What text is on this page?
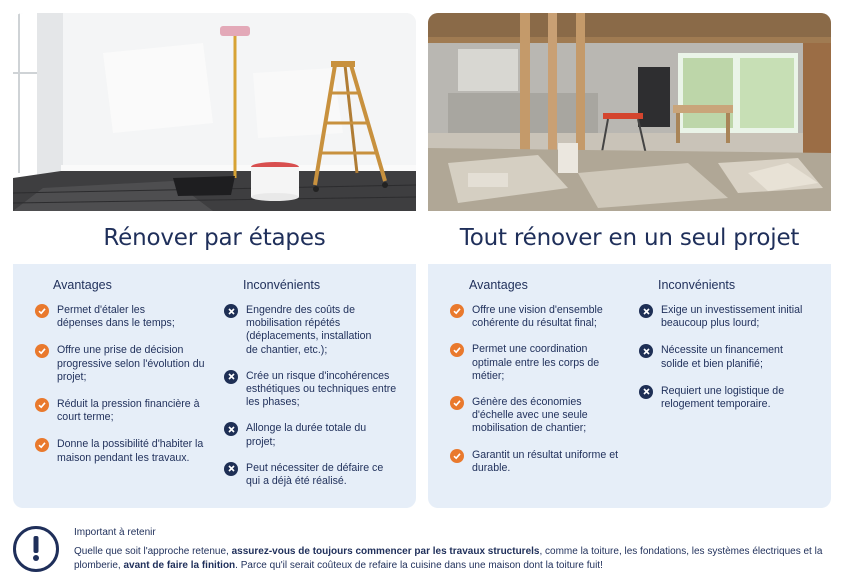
Rénover par étapes
Avantages	Inconvénients
Permet d'étaler les dépenses dans le temps;
Offre une prise de décision progressive selon l'évolution du projet;
Réduit la pression financière à court terme;
Donne la possibilité d'habiter la maison pendant les travaux.
Engendre des coûts de mobilisation répétés (déplacements, installation de chantier, etc.);
Crée un risque d'incohérences esthétiques ou techniques entre les phases;
Allonge la durée totale du projet;
Peut nécessiter de défaire ce qui a déjà été réalisé.
Tout rénover en un seul projet
Avantages	Inconvénients
Offre une vision d'ensemble cohérente du résultat final;
Permet une coordination optimale entre les corps de métier;
Génère des économies d'échelle avec une seule mobilisation de chantier;
Garantit un résultat uniforme et durable.
Exige un investissement initial beaucoup plus lourd;
Nécessite un financement solide et bien planifié;
Requiert une logistique de relogement temporaire.
Important à retenir
Quelle que soit l'approche retenue, assurez-vous de toujours commencer par les travaux structurels, comme la toiture, les fondations, les systèmes électriques et la plomberie, avant de faire la finition. Parce qu'il serait coûteux de refaire la cuisine dans une maison dont la toiture fuit!
